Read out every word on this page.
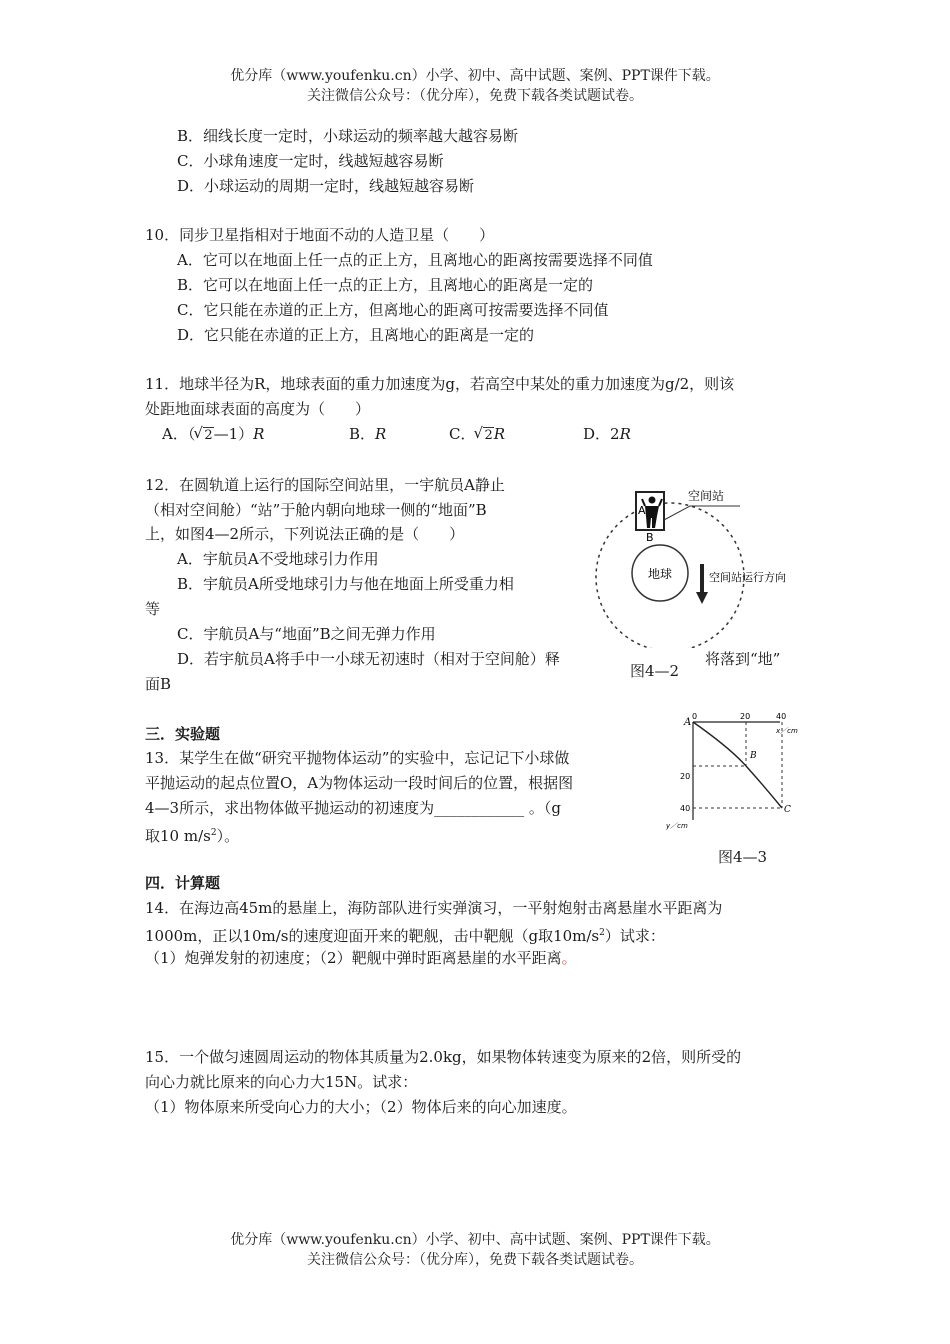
优分库（www.youfenku.cn）小学、初中、高中试题、案例、PPT课件下载。
关注微信公众号：（优分库），免费下载各类试题试卷。
B．细线长度一定时，小球运动的频率越大越容易断
C．小球角速度一定时，线越短越容易断
D．小球运动的周期一定时，线越短越容易断
10．同步卫星指相对于地面不动的人造卫星（　　）
A．它可以在地面上任一点的正上方，且离地心的距离按需要选择不同值
B．它可以在地面上任一点的正上方，且离地心的距离是一定的
C．它只能在赤道的正上方，但离地心的距离可按需要选择不同值
D．它只能在赤道的正上方，且离地心的距离是一定的
11．地球半径为R，地球表面的重力加速度为g，若高空中某处的重力加速度为g/2，则该
处距地面球表面的高度为（　　）
A．（
√ 2—1）R	B．R	C．
√ 2R	D．2R
12．在圆轨道上运行的国际空间站里，一宇航员A静止
（相对空间舱）“站”于舱内朝向地球一侧的“地面”B
上，如图4—2所示，下列说法正确的是（　　）
A．宇航员A不受地球引力作用
B．宇航员A所受地球引力与他在地面上所受重力相
等
C．宇航员A与“地面”B之间无弹力作用
D．若宇航员A将手中一小球无初速时（相对于空间舱）释	将落到“地”
面B
地球
A
B
空间站
空间站运行方向
图4—2
三．实验题
13．某学生在做“研究平抛物体运动”的实验中，忘记记下小球做
平抛运动的起点位置O，A为物体运动一段时间后的位置，根据图
4—3所示，求出物体做平抛运动的初速度为____________ 。（g
取10 $m/s^2$）。
A
B
C
0	20	40
x／cm
20
40
y／cm
图4—3
四．计算题
14．在海边高45m的悬崖上，海防部队进行实弹演习，一平射炮射击离悬崖水平距离为
1000m，正以10m/s的速度迎面开来的靶舰，击中靶舰（g取$10m/s^2$）试求：
（1）炮弹发射的初速度；（2）靶舰中弹时距离悬崖的水平距离。
15．一个做匀速圆周运动的物体其质量为2.0kg，如果物体转速变为原来的2倍，则所受的
向心力就比原来的向心力大15N。试求：
（1）物体原来所受向心力的大小；（2）物体后来的向心加速度。
优分库（www.youfenku.cn）小学、初中、高中试题、案例、PPT课件下载。
关注微信公众号：（优分库），免费下载各类试题试卷。
